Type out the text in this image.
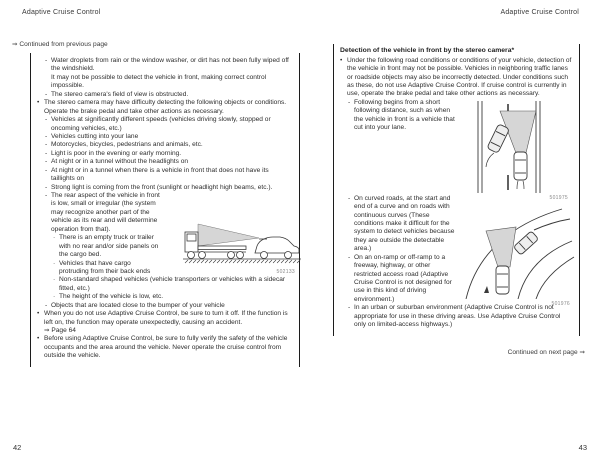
Adaptive Cruise Control	Adaptive Cruise Control
⇒ Continued from previous page
- Water droplets from rain or the window washer, or dirt has not been fully wiped off the windshield.
It may not be possible to detect the vehicle in front, making correct control impossible.
- The stereo camera's field of view is obstructed.
• The stereo camera may have difficulty detecting the following objects or conditions. Operate the brake pedal and take other actions as necessary.
- Vehicles at significantly different speeds (vehicles driving slowly, stopped or oncoming vehicles, etc.)
- Vehicles cutting into your lane
- Motorcycles, bicycles, pedestrians and animals, etc.
- Light is poor in the evening or early morning.
- At night or in a tunnel without the headlights on
- At night or in a tunnel when there is a vehicle in front that does not have its taillights on
- Strong light is coming from the front (sunlight or headlight high beams, etc.).
- The rear aspect of the vehicle in front is low, small or irregular (the system may recognize another part of the vehicle as its rear and will determine operation from that).
· There is an empty truck or trailer with no rear and/or side panels on the cargo bed.
· Vehicles that have cargo protruding from their back ends	502133
· Non-standard shaped vehicles (vehicle transporters or vehicles with a sidecar fitted, etc.)
· The height of the vehicle is low, etc.
- Objects that are located close to the bumper of your vehicle
• When you do not use Adaptive Cruise Control, be sure to turn it off. If the function is left on, the function may operate unexpectedly, causing an accident.
⇒ Page 64
• Before using Adaptive Cruise Control, be sure to fully verify the safety of the vehicle occupants and the area around the vehicle. Never operate the cruise control from outside the vehicle.
Detection of the vehicle in front by the stereo camera*
• Under the following road conditions or conditions of your vehicle, detection of the vehicle in front may not be possible. Vehicles in neighboring traffic lanes or roadside objects may also be incorrectly detected. Under conditions such as these, do not use Adaptive Cruise Control. If cruise control is currently in use, operate the brake pedal and take other actions as necessary.
- Following begins from a short following distance, such as when the vehicle in front is a vehicle that cut into your lane.
- On curved roads, at the start and end of a curve and on roads with continuous curves (These conditions make it difficult for the system to detect vehicles because they are outside the detectable area.)
- On an on-ramp or off-ramp to a freeway, highway, or other restricted access road (Adaptive Cruise Control is not designed for use in this kind of driving environment.)
- In an urban or suburban environment (Adaptive Cruise Control is not appropriate for use in these driving areas. Use Adaptive Cruise Control only on limited-access highways.)
501975
501976
Continued on next page ⇒
42	43
